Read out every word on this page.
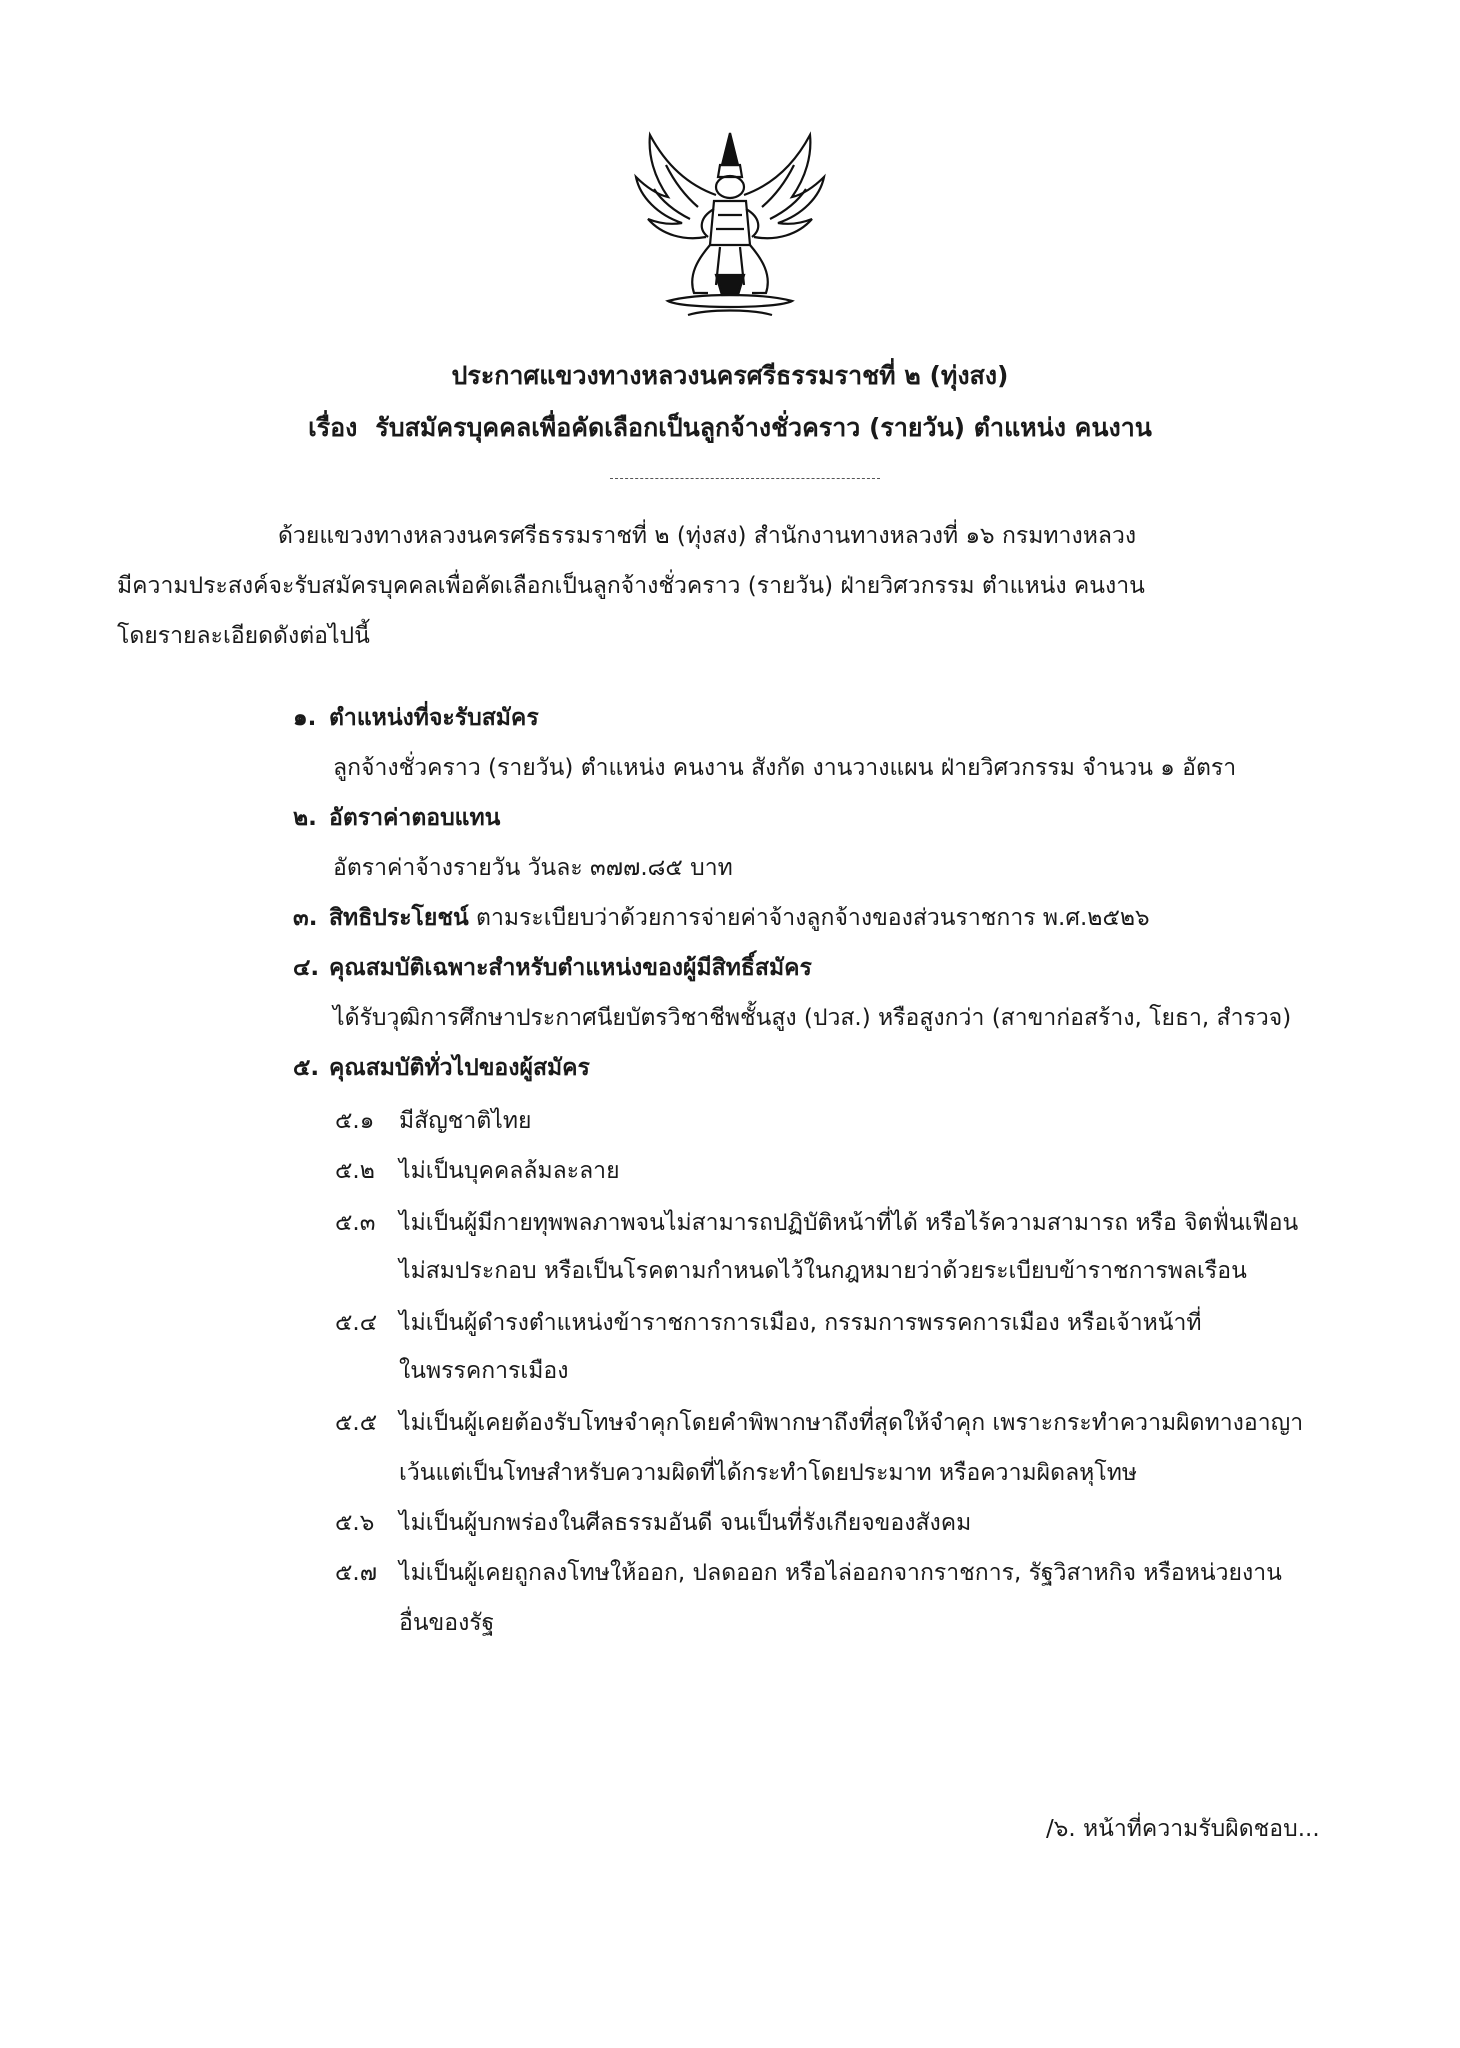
ประกาศแขวงทางหลวงนครศรีธรรมราชที่ ๒ (ทุ่งสง)
เรื่อง รับสมัครบุคคลเพื่อคัดเลือกเป็นลูกจ้างชั่วคราว (รายวัน) ตำแหน่ง คนงาน
ด้วยแขวงทางหลวงนครศรีธรรมราชที่ ๒ (ทุ่งสง) สำนักงานทางหลวงที่ ๑๖ กรมทางหลวง
มีความประสงค์จะรับสมัครบุคคลเพื่อคัดเลือกเป็นลูกจ้างชั่วคราว (รายวัน) ฝ่ายวิศวกรรม ตำแหน่ง คนงาน
โดยรายละเอียดดังต่อไปนี้
๑. ตำแหน่งที่จะรับสมัคร
ลูกจ้างชั่วคราว (รายวัน) ตำแหน่ง คนงาน สังกัด งานวางแผน ฝ่ายวิศวกรรม จำนวน ๑ อัตรา
๒. อัตราค่าตอบแทน
อัตราค่าจ้างรายวัน วันละ ๓๗๗.๘๕ บาท
๓. สิทธิประโยชน์ ตามระเบียบว่าด้วยการจ่ายค่าจ้างลูกจ้างของส่วนราชการ พ.ศ.๒๕๒๖
๔. คุณสมบัติเฉพาะสำหรับตำแหน่งของผู้มีสิทธิ์สมัคร
ได้รับวุฒิการศึกษาประกาศนียบัตรวิชาชีพชั้นสูง (ปวส.) หรือสูงกว่า (สาขาก่อสร้าง, โยธา, สำรวจ)
๕. คุณสมบัติทั่วไปของผู้สมัคร
๕.๑ มีสัญชาติไทย
๕.๒ ไม่เป็นบุคคลล้มละลาย
๕.๓ ไม่เป็นผู้มีกายทุพพลภาพจนไม่สามารถปฏิบัติหน้าที่ได้ หรือไร้ความสามารถ หรือ จิตฟั่นเฟือน
ไม่สมประกอบ หรือเป็นโรคตามกำหนดไว้ในกฎหมายว่าด้วยระเบียบข้าราชการพลเรือน
๕.๔ ไม่เป็นผู้ดำรงตำแหน่งข้าราชการการเมือง, กรรมการพรรคการเมือง หรือเจ้าหน้าที่
ในพรรคการเมือง
๕.๕ ไม่เป็นผู้เคยต้องรับโทษจำคุกโดยคำพิพากษาถึงที่สุดให้จำคุก เพราะกระทำความผิดทางอาญา
เว้นแต่เป็นโทษสำหรับความผิดที่ได้กระทำโดยประมาท หรือความผิดลหุโทษ
๕.๖ ไม่เป็นผู้บกพร่องในศีลธรรมอันดี จนเป็นที่รังเกียจของสังคม
๕.๗ ไม่เป็นผู้เคยถูกลงโทษให้ออก, ปลดออก หรือไล่ออกจากราชการ, รัฐวิสาหกิจ หรือหน่วยงาน
อื่นของรัฐ
/๖. หน้าที่ความรับผิดชอบ...
